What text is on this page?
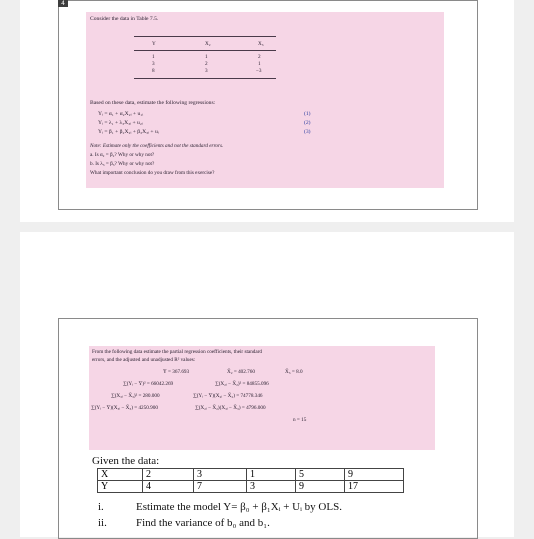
4
Consider the data in Table 7.5.
Y	X₂	X₃
1	1	2
3	2	1
8	3	−3
Based on these data, estimate the following regressions:
Yᵢ = α₁ + α₂X₂ᵢ + u₁ᵢ	(1)
Yᵢ = λ₁ + λ₃X₃ᵢ + u₂ᵢ	(2)
Yᵢ = β₁ + β₂X₂ᵢ + β₃X₃ᵢ + uᵢ	(3)
Note: Estimate only the coefficients and not the standard errors.
a. Is α₂ = β₂? Why or why not?
b. Is λ₃ = β₃? Why or why not?
What important conclusion do you draw from this exercise?
From the following data estimate the partial regression coefficients, their standard
errors, and the adjusted and unadjusted R² values:
Ȳ = 367.693	X̄₂ = 402.760	X̄₃ = 8.0
∑(Yᵢ − Ȳ)² = 66042.269	∑(X₂ᵢ − X̄₂)² = 84855.096
∑(X₃ᵢ − X̄₃)² = 280.000	∑(Yᵢ − Ȳ)(X₂ᵢ − X̄₂) = 74778.346
∑(Yᵢ − Ȳ)(X₃ᵢ − X̄₃) = 4250.900	∑(X₂ᵢ − X̄₂)(X₃ᵢ − X̄₃) = 4796.000
n = 15
Given the data:
X	2	3	1	5	9
Y	4	7	3	9	17
i.	Estimate the model Y= β₀ + β₁Xᵢ + Uᵢ by OLS.
ii.	Find the variance of b₀ and b₁.
